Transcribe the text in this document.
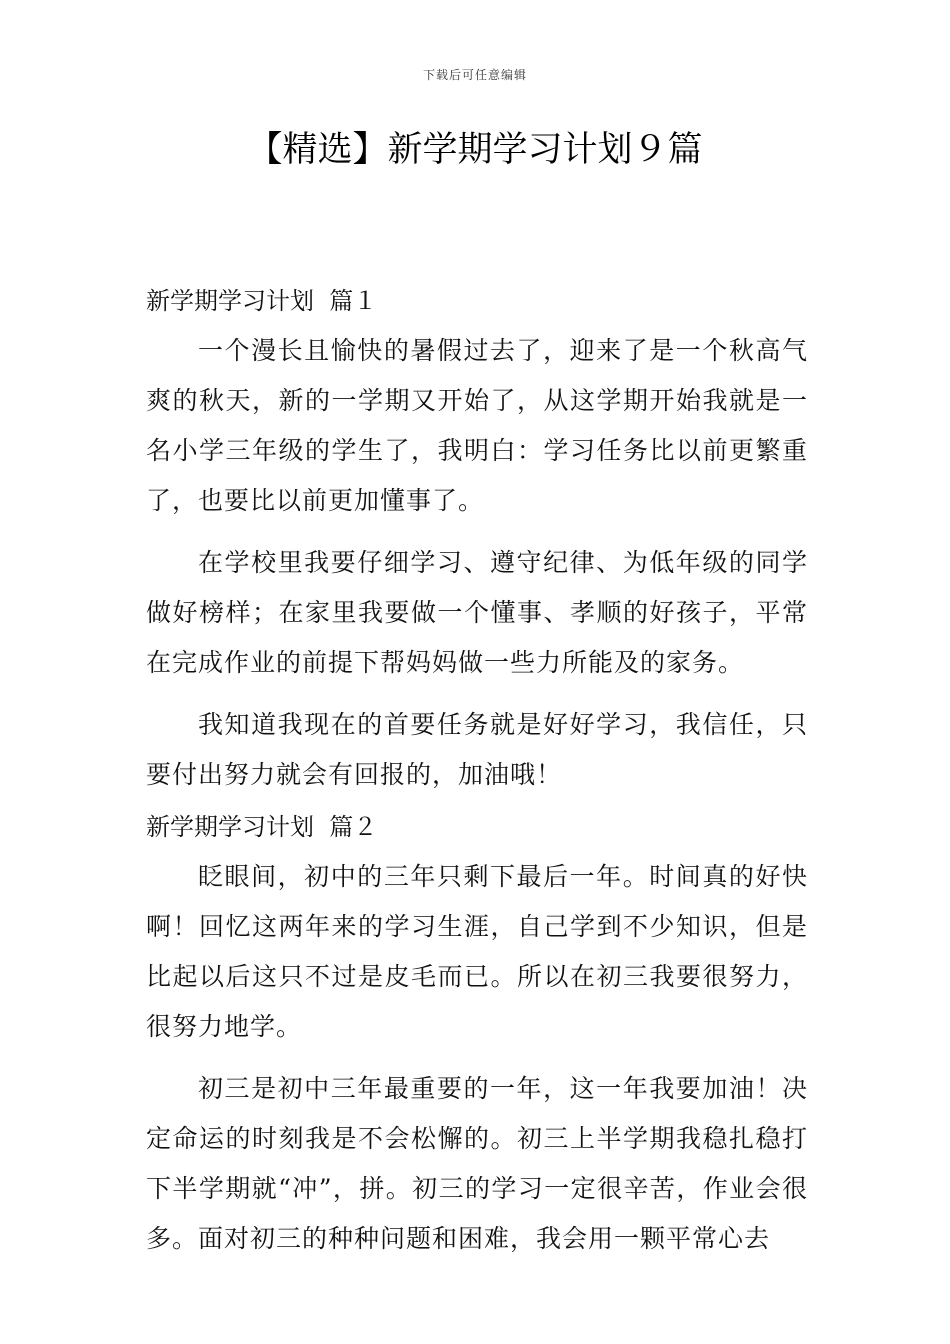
下载后可任意编辑
【精选】新学期学习计划９篇
新学期学习计划  篇１

一个漫长且愉快的暑假过去了，迎来了是一个秋高气爽的秋天，新的一学期又开始了，从这学期开始我就是一名小学三年级的学生了，我明白：学习任务比以前更繁重了，也要比以前更加懂事了。

在学校里我要仔细学习、遵守纪律、为低年级的同学做好榜样；在家里我要做一个懂事、孝顺的好孩子，平常在完成作业的前提下帮妈妈做一些力所能及的家务。

我知道我现在的首要任务就是好好学习，我信任，只要付出努力就会有回报的，加油哦！

新学期学习计划  篇２

眨眼间，初中的三年只剩下最后一年。时间真的好快啊！回忆这两年来的学习生涯，自己学到不少知识，但是比起以后这只不过是皮毛而已。所以在初三我要很努力，很努力地学。

初三是初中三年最重要的一年，这一年我要加油！决定命运的时刻我是不会松懈的。初三上半学期我稳扎稳打下半学期就“冲”，拼。初三的学习一定很辛苦，作业会很多。面对初三的种种问题和困难，我会用一颗平常心去
